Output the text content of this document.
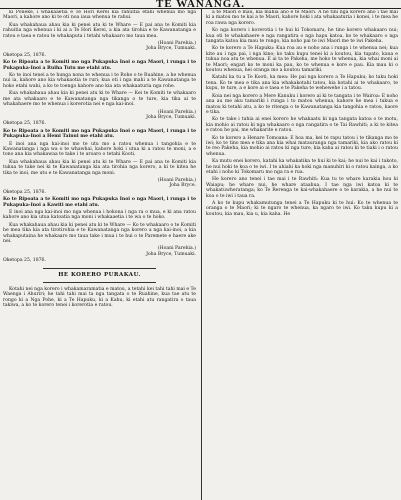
TE WANANGA.

ki Poneke, i whakaaetia e Te Hori Kerei kia rahuitia etahi whenua mo nga Maori, a kahore ano ki te oti noa iaua whenua te rahui.

Kua whakahaua ahau kia ki penei atu ki te Whare — E pai ana te Komiti kia rahuitia nga whenua i ki ai a Te Hori Kerei, a kia ata tirohia e te Kawanatanga e ratou e taea e ratou te whakaputa i tetahi whakaaro mo taua mea.

(Hoani Parehia.)

Joha Bryce, Tumuaki.

Oketopa 25, 1876.

Ko te Ripoata a te Komiti mo nga Pukapuka Inoi o nga Maori, i runga i te Pukapuka-Inoi a Ruiha Tutu me etahi atu.

Ko te inoi tenei a te hunga nona te whenua i te Rohe o te Ruahine, a he whenua nui ia, kahore ano kia whakaotia te ruri; kua oti i nga mahi a te Kawanatanga te hoko etahi wahi, a ko te toenga kahore ano kia ata whakaaturia nga rohe.

Kua whakahaua ahau kia ki penei atu ki te Whare — Kei te Komiti te whakaaro me ata whakaaro e te Kawanatanga nga tikanga o te ture, kia tika ai te whakahaere mo te whenua i korerotia nei e nga kai-inoi.

(Hoani Parehia.)

Joha Bryce, Tumuaki.

Oketopa 25, 1876.

Ko te Ripoata a te Komiti mo nga Pukapuka Inoi o nga Maori, i runga i te Pukapuka-Inoi a Hemi Tainui me etahi atu.

E inoi ana nga kai-inoi mo te utu mo a ratou whenua i tangohia e te Kawanatanga i nga wa o te whawhai, kahore hoki i utua ki a ratou te moni, a e tono ana kia whakawaa te take i te aroaro o tetahi Kooti.

Kua whakahaua ahau kia ki penei atu ki te Whare — E pai ana te Komiti kia tukua te take nei ki te Kawanatanga kia ata tirohia nga korero, a ki te kitea he tika te inoi, me utu e te Kawanatanga nga moni.

(Hoani Parehia.)

Joha Bryce.

Oketopa 25, 1876.

Ko te Ripoata a te Komiti mo nga Pukapuka Inoi o nga Maori, i runga i te Pukapuka-Inoi a Kawiti me etahi atu.

E inoi ana nga kai-inoi mo nga whenua i hokona i nga ra o mua, e ki ana ratou kahore ano kia utua katoatia nga moni i whakaaetia i te wa o te hoko.

Kua whakahaua ahau kia ki penei atu ki te Whare — Ko te whakaaro o te Komiti he mea tika kia ata tirotirohia e te Kawanatanga nga korero a nga kai-inoi, a kia whakaputaina he whakaaro mo taua take i mua i te hui o te Paremete e haere ake nei.

(Hoani Parehia.)

Joha Bryce, Tumuaki.

Oketopa 25, 1876.

HE KORERO PURAKAU.

Kotahi nei nga korero i whakamaramatia e matou, a tetahi kei tahi tahi mai e Te Waenga i Ahuriri; he tahi tahi mai ta nga tangata o te Ruahine, kua tae atu te rongo ki a Nga Pohe, ki a Te Hapuku, ki a Kahu, ki etahi atu rangatira o taua takiwa, a ko te korero tenei i korerotia e ratou.

a te Maori e mau, kia mahia ano e te Maori. A he tini nga korero ano i tae mai ki a matou mo te kai a te Maori, kahore hoki i ata whakaaturia i konei, i te mea he roa rawa nga korero.

Ko nga korero i korerotia i te hui ki Tokomaru, he tino korero whakaaro nui; kua oti te whakahaere e nga rangatira o nga hapu katoa, ko te whakaaro o nga tangata katoa kia mau te rongo, kia noho pai te iwi Maori me te iwi Pakeha.

Ko te korero a Te Hapuku: Kua roa au e noho ana i runga i te whenua nei; kua kite au i nga pai, i nga kino; ko taku kupu tenei ki a koutou, kia tupato, kaua e tukua noa atu te whenua. E ai ta te Pakeha, me hoko te whenua, kia whai moni ai te Maori; engari ko te moni ka pau, ko te whenua e kore e pau. Kia mau ki o koutou whenua, hei oranga mo a koutou tamariki.

Katahi ka tu a Te Kooti, ka mea: He pai nga korero a Te Hapuku; ko taku hoki tena. Ko te mea e tika ana kia whakakotahi tatou, kia kotahi ai te whakaaro, te kupu, te ture, a e kore ai e taea e te Pakeha te wehewehe i a tatou.

Koia nei nga korero a Mere Kanuku i korero ai ki te tangata i te Wairoa: E noho ana au me aku tamariki i runga i to matou whenua, kahore he mea i tukua e matou ki tetahi atu, a ko te ritenga o te Kawanatanga kia tangohia e ratou, kaore e tika.

Ko te take i tuhia ai enei korero he whakaatu ki nga tangata katoa o te motu, kia mohio ai ratou ki nga whakaaro o nga rangatira o te Tai Rawhiti; a ki te kitea e ratou he pai, me whakarite e ratou.

Ko te korero a Henare Tomoana: E hoa ma, kei te rapu tatou i te tikanga mo te iwi; ko te tino mea e tika ana kia whai matauranga nga tamariki, kia ako ratou ki te reo Pakeha, kia mohio ai ratou ki nga ture, kia kaha ai ratou ki te tiaki i o ratou whenua.

Ka mutu enei korero, katahi ka whakatika te hui ki te kai; he nui te kai i takoto, he nui hoki te koa o te iwi. I te ahiahi ka hoki nga manuhiri ki o ratou kainga, a ko etahi i noho ki Tokomaru mo nga ra e rua.

He korero ano tenei i tae mai i te Rawhiti: Kua tu te whare karakia hou ki Waiapu; he whare nui, he whare ataahua. I tae nga iwi katoa ki te whakatuwheratanga; ko Te Rerenga te kai-whakahaere o te karakia, a he nui te koa o te iwi i taua ra.

A ko te kupu whakamutunga tenei a Te Hapuku ki te hui: Ko te whenua te oranga o te Maori; ki te ngaro te whenua, ka ngaro te iwi. Ko taku kupu ki a koutou, kia mau, kia u, kia kaha. He
